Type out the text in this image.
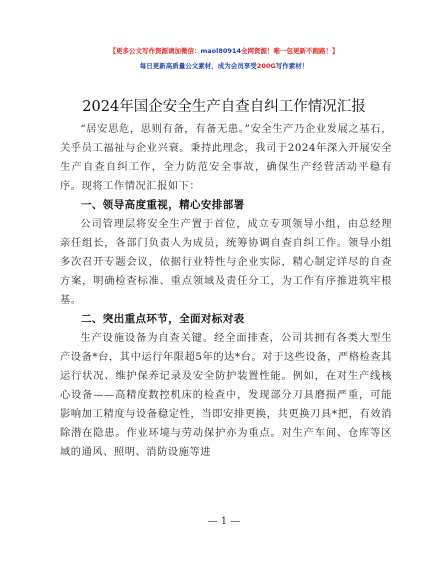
【更多公文写作资源请加微信：maol80914全网资源！唯一包更新不跑路！】
每日更新高质量公文素材，成为会员享受200G写作素材！
2024年国企安全生产自查自纠工作情况汇报

“居安思危，思则有备，有备无患。”安全生产乃企业发展之基石，关乎员工福祉与企业兴衰。秉持此理念，我司于2024年深入开展安全生产自查自纠工作，全力防范安全事故，确保生产经营活动平稳有序。现将工作情况汇报如下：

一、领导高度重视，精心安排部署

公司管理层将安全生产置于首位，成立专项领导小组，由总经理亲任组长，各部门负责人为成员，统筹协调自查自纠工作。领导小组多次召开专题会议，依据行业特性与企业实际，精心制定详尽的自查方案，明确检查标准、重点领域及责任分工，为工作有序推进筑牢根基。

二、突出重点环节，全面对标对表

生产设施设备为自查关键。经全面排查，公司共拥有各类大型生产设备*台，其中运行年限超5年的达*台。对于这些设备，严格检查其运行状况、维护保养记录及安全防护装置性能。例如，在对生产线核心设备——高精度数控机床的检查中，发现部分刀具磨损严重，可能影响加工精度与设备稳定性，当即安排更换，共更换刀具*把，有效消除潜在隐患。作业环境与劳动保护亦为重点。对生产车间、仓库等区域的通风、照明、消防设施等进

— 1 —
